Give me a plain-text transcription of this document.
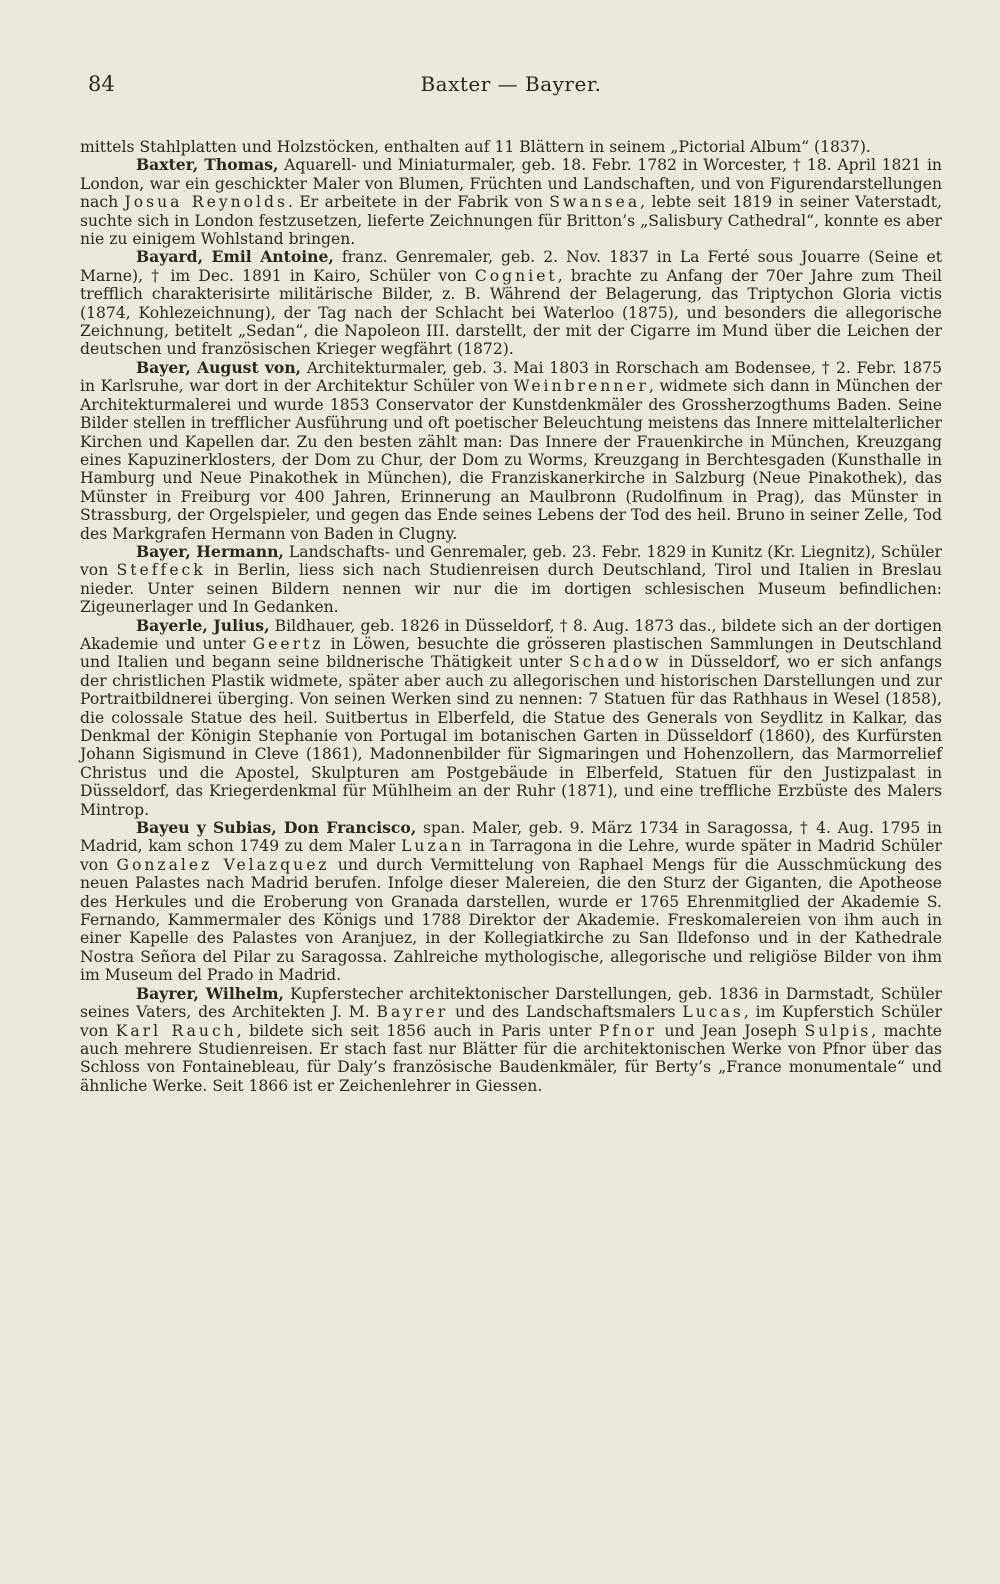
84	Baxter — Bayrer.

mittels Stahlplatten und Holzstöcken, enthalten auf 11 Blättern in seinem „Pictorial Album“ (1837).

Baxter, Thomas, Aquarell- und Miniaturmaler, geb. 18. Febr. 1782 in Worcester, † 18. April 1821 in London, war ein geschickter Maler von Blumen, Früchten und Landschaften, und von Figurendarstellungen nach Josua Reynolds. Er arbeitete in der Fabrik von Swansea, lebte seit 1819 in seiner Vaterstadt, suchte sich in London festzusetzen, lieferte Zeichnungen für Britton’s „Salisbury Cathedral“, konnte es aber nie zu einigem Wohlstand bringen.

Bayard, Emil Antoine, franz. Genremaler, geb. 2. Nov. 1837 in La Ferté sous Jouarre (Seine et Marne), † im Dec. 1891 in Kairo, Schüler von Cogniet, brachte zu Anfang der 70er Jahre zum Theil trefflich charakterisirte militärische Bilder, z. B. Während der Belagerung, das Triptychon Gloria victis (1874, Kohlezeichnung), der Tag nach der Schlacht bei Waterloo (1875), und besonders die allegorische Zeichnung, betitelt „Sedan“, die Napoleon III. darstellt, der mit der Cigarre im Mund über die Leichen der deutschen und französischen Krieger wegfährt (1872).

Bayer, August von, Architekturmaler, geb. 3. Mai 1803 in Rorschach am Bodensee, † 2. Febr. 1875 in Karlsruhe, war dort in der Architektur Schüler von Weinbrenner, widmete sich dann in München der Architekturmalerei und wurde 1853 Conservator der Kunstdenkmäler des Grossherzogthums Baden. Seine Bilder stellen in trefflicher Ausführung und oft poetischer Beleuchtung meistens das Innere mittelalterlicher Kirchen und Kapellen dar. Zu den besten zählt man: Das Innere der Frauenkirche in München, Kreuzgang eines Kapuzinerklosters, der Dom zu Chur, der Dom zu Worms, Kreuzgang in Berchtesgaden (Kunsthalle in Hamburg und Neue Pinakothek in München), die Franziskanerkirche in Salzburg (Neue Pinakothek), das Münster in Freiburg vor 400 Jahren, Erinnerung an Maulbronn (Rudolfinum in Prag), das Münster in Strassburg, der Orgelspieler, und gegen das Ende seines Lebens der Tod des heil. Bruno in seiner Zelle, Tod des Markgrafen Hermann von Baden in Clugny.

Bayer, Hermann, Landschafts- und Genremaler, geb. 23. Febr. 1829 in Kunitz (Kr. Liegnitz), Schüler von Steffeck in Berlin, liess sich nach Studienreisen durch Deutschland, Tirol und Italien in Breslau nieder. Unter seinen Bildern nennen wir nur die im dortigen schlesischen Museum befindlichen: Zigeunerlager und In Gedanken.

Bayerle, Julius, Bildhauer, geb. 1826 in Düsseldorf, † 8. Aug. 1873 das., bildete sich an der dortigen Akademie und unter Geertz in Löwen, besuchte die grösseren plastischen Sammlungen in Deutschland und Italien und begann seine bildnerische Thätigkeit unter Schadow in Düsseldorf, wo er sich anfangs der christlichen Plastik widmete, später aber auch zu allegorischen und historischen Darstellungen und zur Portraitbildnerei überging. Von seinen Werken sind zu nennen: 7 Statuen für das Rathhaus in Wesel (1858), die colossale Statue des heil. Suitbertus in Elberfeld, die Statue des Generals von Seydlitz in Kalkar, das Denkmal der Königin Stephanie von Portugal im botanischen Garten in Düsseldorf (1860), des Kurfürsten Johann Sigismund in Cleve (1861), Madonnenbilder für Sigmaringen und Hohenzollern, das Marmorrelief Christus und die Apostel, Skulpturen am Postgebäude in Elberfeld, Statuen für den Justizpalast in Düsseldorf, das Kriegerdenkmal für Mühlheim an der Ruhr (1871), und eine treffliche Erzbüste des Malers Mintrop.

Bayeu y Subias, Don Francisco, span. Maler, geb. 9. März 1734 in Saragossa, † 4. Aug. 1795 in Madrid, kam schon 1749 zu dem Maler Luzan in Tarragona in die Lehre, wurde später in Madrid Schüler von Gonzalez Velazquez und durch Vermittelung von Raphael Mengs für die Ausschmückung des neuen Palastes nach Madrid berufen. Infolge dieser Malereien, die den Sturz der Giganten, die Apotheose des Herkules und die Eroberung von Granada darstellen, wurde er 1765 Ehrenmitglied der Akademie S. Fernando, Kammermaler des Königs und 1788 Direktor der Akademie. Freskomalereien von ihm auch in einer Kapelle des Palastes von Aranjuez, in der Kollegiatkirche zu San Ildefonso und in der Kathedrale Nostra Señora del Pilar zu Saragossa. Zahlreiche mythologische, allegorische und religiöse Bilder von ihm im Museum del Prado in Madrid.

Bayrer, Wilhelm, Kupferstecher architektonischer Darstellungen, geb. 1836 in Darmstadt, Schüler seines Vaters, des Architekten J. M. Bayrer und des Landschaftsmalers Lucas, im Kupferstich Schüler von Karl Rauch, bildete sich seit 1856 auch in Paris unter Pfnor und Jean Joseph Sulpis, machte auch mehrere Studienreisen. Er stach fast nur Blätter für die architektonischen Werke von Pfnor über das Schloss von Fontainebleau, für Daly’s französische Baudenkmäler, für Berty’s „France monumentale“ und ähnliche Werke. Seit 1866 ist er Zeichenlehrer in Giessen.
